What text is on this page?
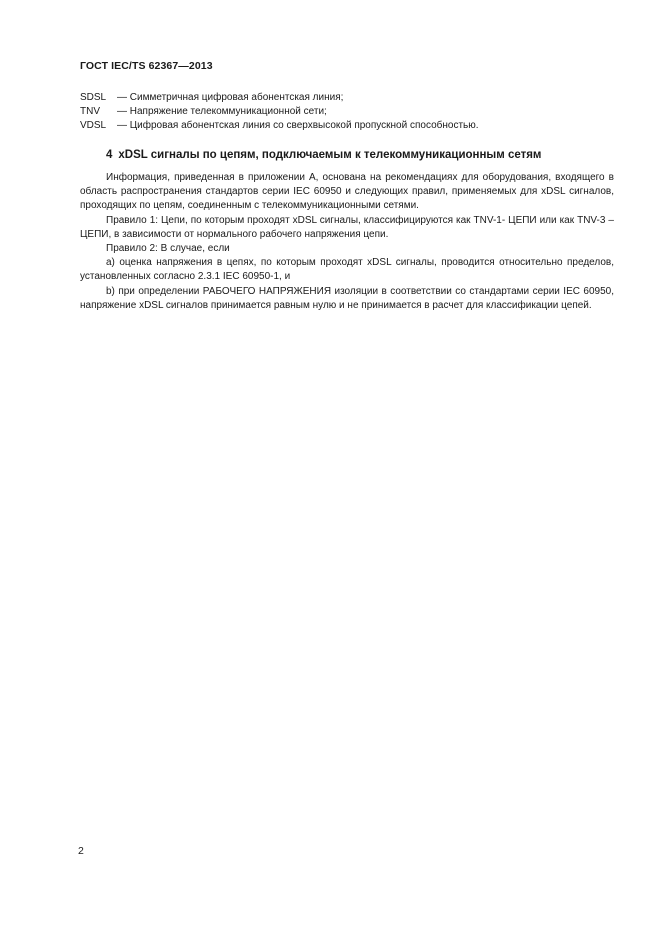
ГОСТ IEC/TS 62367—2013
SDSL	— Симметричная цифровая абонентская линия;
TNV	— Напряжение телекоммуникационной сети;
VDSL	— Цифровая абонентская линия со сверхвысокой пропускной способностью.
4 xDSL сигналы по цепям, подключаемым к телекоммуникационным сетям

Информация, приведенная в приложении А, основана на рекомендациях для оборудования, входящего в область распространения стандартов серии IEC 60950 и следующих правил, применяемых для xDSL сигналов, проходящих по цепям, соединенным с телекоммуникационными сетями.

Правило 1: Цепи, по которым проходят xDSL сигналы, классифицируются как TNV-1- ЦЕПИ или как TNV-3 –ЦЕПИ, в зависимости от нормального рабочего напряжения цепи.

Правило 2: В случае, если

a) оценка напряжения в цепях, по которым проходят xDSL сигналы, проводится относительно пределов, установленных согласно 2.3.1 IEC 60950-1, и

b) при определении РАБОЧЕГО НАПРЯЖЕНИЯ изоляции в соответствии со стандартами серии IEC 60950, напряжение xDSL сигналов принимается равным нулю и не принимается в расчет для классификации цепей.

2
